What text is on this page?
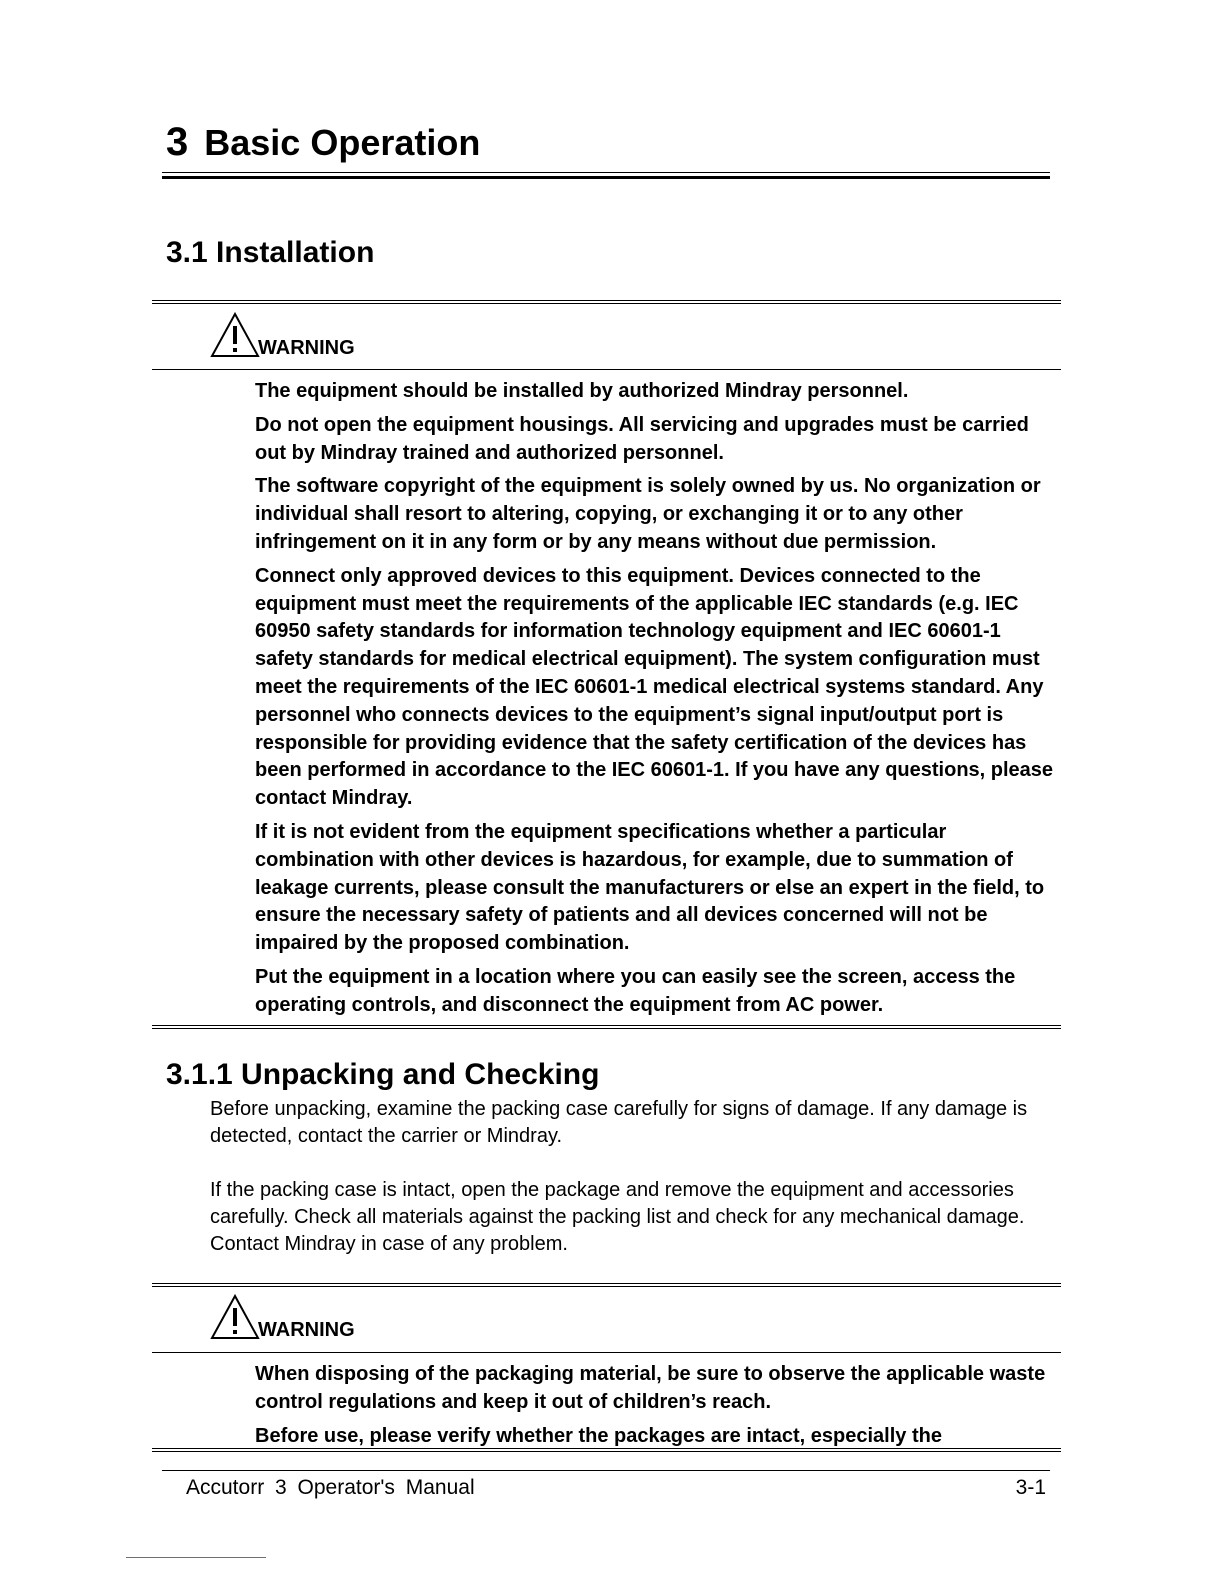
3 Basic Operation
3.1 Installation
WARNING
The equipment should be installed by authorized Mindray personnel.
Do not open the equipment housings. All servicing and upgrades must be carried out by Mindray trained and authorized personnel.
The software copyright of the equipment is solely owned by us. No organization or individual shall resort to altering, copying, or exchanging it or to any other infringement on it in any form or by any means without due permission.
Connect only approved devices to this equipment. Devices connected to the equipment must meet the requirements of the applicable IEC standards (e.g. IEC 60950 safety standards for information technology equipment and IEC 60601-1 safety standards for medical electrical equipment). The system configuration must meet the requirements of the IEC 60601-1 medical electrical systems standard. Any personnel who connects devices to the equipment’s signal input/output port is responsible for providing evidence that the safety certification of the devices has been performed in accordance to the IEC 60601-1. If you have any questions, please contact Mindray.
If it is not evident from the equipment specifications whether a particular combination with other devices is hazardous, for example, due to summation of leakage currents, please consult the manufacturers or else an expert in the field, to ensure the necessary safety of patients and all devices concerned will not be impaired by the proposed combination.
Put the equipment in a location where you can easily see the screen, access the operating controls, and disconnect the equipment from AC power.
3.1.1 Unpacking and Checking

Before unpacking, examine the packing case carefully for signs of damage. If any damage is detected, contact the carrier or Mindray.

If the packing case is intact, open the package and remove the equipment and accessories carefully. Check all materials against the packing list and check for any mechanical damage. Contact Mindray in case of any problem.

WARNING
When disposing of the packaging material, be sure to observe the applicable waste control regulations and keep it out of children’s reach.
Before use, please verify whether the packages are intact, especially the
Accutorr 3 Operator's Manual	3-1
